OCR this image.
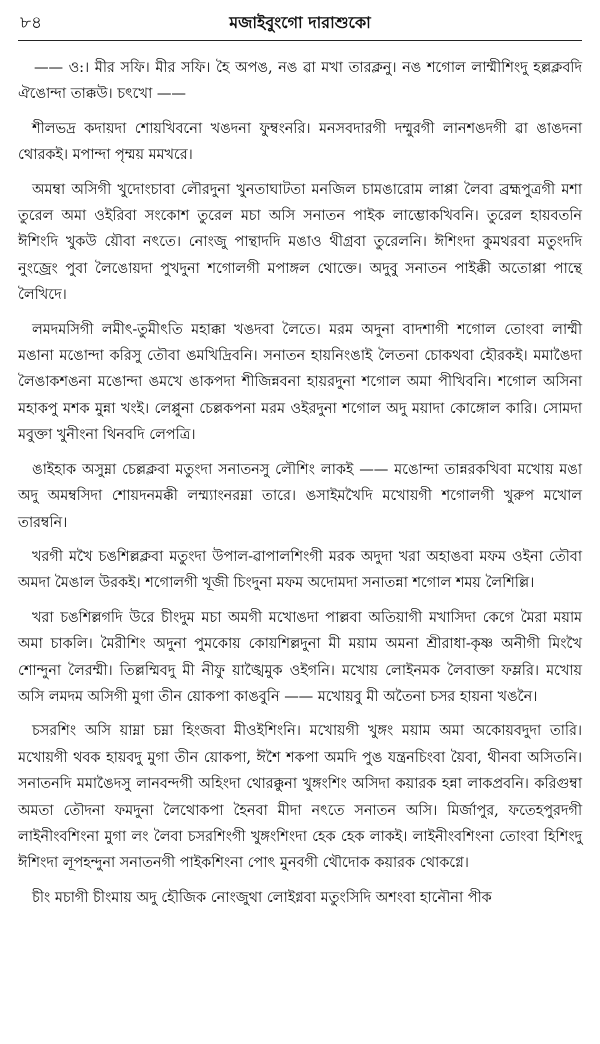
৮৪	মজাইবুংগো দারাশুকো

—— ও:। মীর সফি। মীর সফি। হৈ অপঙ, নঙ ৱা মখা তারক্লনু। নঙ শগোল লাম্মীশিংদু হল্লক্লবদি ঐঙোন্দা তাক্কউ। চৎখো ——

শীলভদ্র কদায়দা শোয়খিবনো খঙদনা ফুম্বংনরি। মনসবদারগী দম্মুরগী লানশঙদগী ৱা ঙাঙদনা থোরকই। মপান্দা পৃম্ময় মমখরে।

অমম্বা অসিগী খুদোংচাবা লৌরদুনা খুনতাঘাটতা মনজিল চামঙারোম লাপ্পা লৈবা ব্রহ্মপুত্রগী মশা তুরেল অমা ওইরিবা সংকোশ তুরেল মচা অসি সনাতন পাইক লাম্ভোকখিবনি। তুরেল হায়বতনি ঈশিংদি খুকউ য়ৌবা নৎতে। নোংজু পান্থাদদি মঙাও থীগ্রবা তুরেলনি। ঈশিংদা কুমথরবা মতুংদদি নুংজ্রেং পুবা লৈঙোয়দা পুখদুনা শগোলগী মপাঙ্গল থোক্তে। অদুবু সনাতন পাইক্কী অতোপ্পা পান্থে লৈখিদে।

লমদমসিগী লমীৎ-তুমীৎতি মহাক্কা খঙদবা লৈতে। মরম অদুনা বাদশাগী শগোল তোংবা লাম্মী মঙানা মঙোন্দা করিসু তৌবা ঙমখিদ্রিবনি। সনাতন হায়নিংঙাই লৈতনা চোকথবা হৌরকই। মমাঙৈদা লৈঙাকশঙনা মঙোন্দা ঙমখে ঙাকপদা শীজিন্নবনা হায়রদুনা শগোল অমা পীখিবনি। শগোল অসিনা মহাকপু মশক মুন্না খংই। লেপ্পুনা চেল্লকপনা মরম ওইরদুনা শগোল অদু ময়াদা কোঙ্গোল কারি। সোমদা মবুক্তা খুনীংনা থিনবদি লেপত্রি।

ঙাইহাক অসুম্না চেল্লক্লবা মতুংদা সনাতনসু লৌশিং লাকই —— মঙোন্দা তান্নরকখিবা মখোয় মঙা অদু অমম্বসিদা শোয়দনমক্কী লম্ম্যাংনরম্না তারে। ঙসাইমখৈদি মখোয়গী শগোলগী খুরুপ মখোল তারম্বনি।

খরগী মখৈ চঙশিল্লক্লবা মতুংদা উপাল-ৱাপালশিংগী মরক অদুদা খরা অহাঙবা মফম ওইনা তৌবা অমদা মৈঙাল উরকই। শগোলগী খূজী চিংদুনা মফম অদোমদা সনাতন্না শগোল শময় লৈশিল্লি।

খরা চঙশিল্লগদি উরে চীংদুম মচা অমগী মখোঙদা পাল্লবা অতিয়াগী মখাসিদা কেগে মৈরা ময়াম অমা চাকলি। মৈরীশিং অদুনা পুমকোয় কোয়শিল্লদুনা মী ময়াম অমনা শ্রীরাধা-কৃষ্ণ অনীগী মিংখৈ শোন্দুনা লৈরম্মী। তিল্লম্মিবদু মী নীফু য়াঙ্খৈমুক ওইগনি। মখোয় লোইনমক লৈবাক্তা ফম্লরি। মখোয় অসি লমদম অসিগী মুগা তীন য়োকপা কাঙবুনি —— মখোয়বু মী অতৈনা চসর হায়না খঙনৈ।

চসরশিং অসি য়াম্না চম্না হিংজবা মীওইশিংনি। মখোয়গী খুঙ্গং ময়াম অমা অকোয়বদুদা তারি। মখোয়গী থবক হায়বদু মুগা তীন য়োকপা, ঈশৈ শকপা অমদি পুঙ যন্ত্রনচিংবা য়ৈবা, থীনবা অসিতনি। সনাতনদি মমাঙৈদসু লানবন্দগী অহিংদা থোরক্কুনা খুঙ্গংশিং অসিদা কয়ারক হন্না লাকপ্রবনি। করিগুম্বা অমতা তৌদনা ফমদুনা লৈথোকপা হৈনবা মীদা নৎতে সনাতন অসি। মির্জাপুর, ফতেহপুরদগী লাইনীংবশিংনা মুগা লং লৈবা চসরশিংগী খুঙ্গংশিংদা হেক হেক লাকই। লাইনীংবশিংনা তোংবা হিশিংদু ঈশিংদা লূপহন্দুনা সনাতনগী পাইকশিংনা পোৎ মুনবগী থৌদোক কয়ারক থোকগ্নে।

চীং মচাগী চীংমায় অদু হৌজিক নোংজুথা লোইগ্নবা মতুংসিদি অশংবা হানৌনা পীক
